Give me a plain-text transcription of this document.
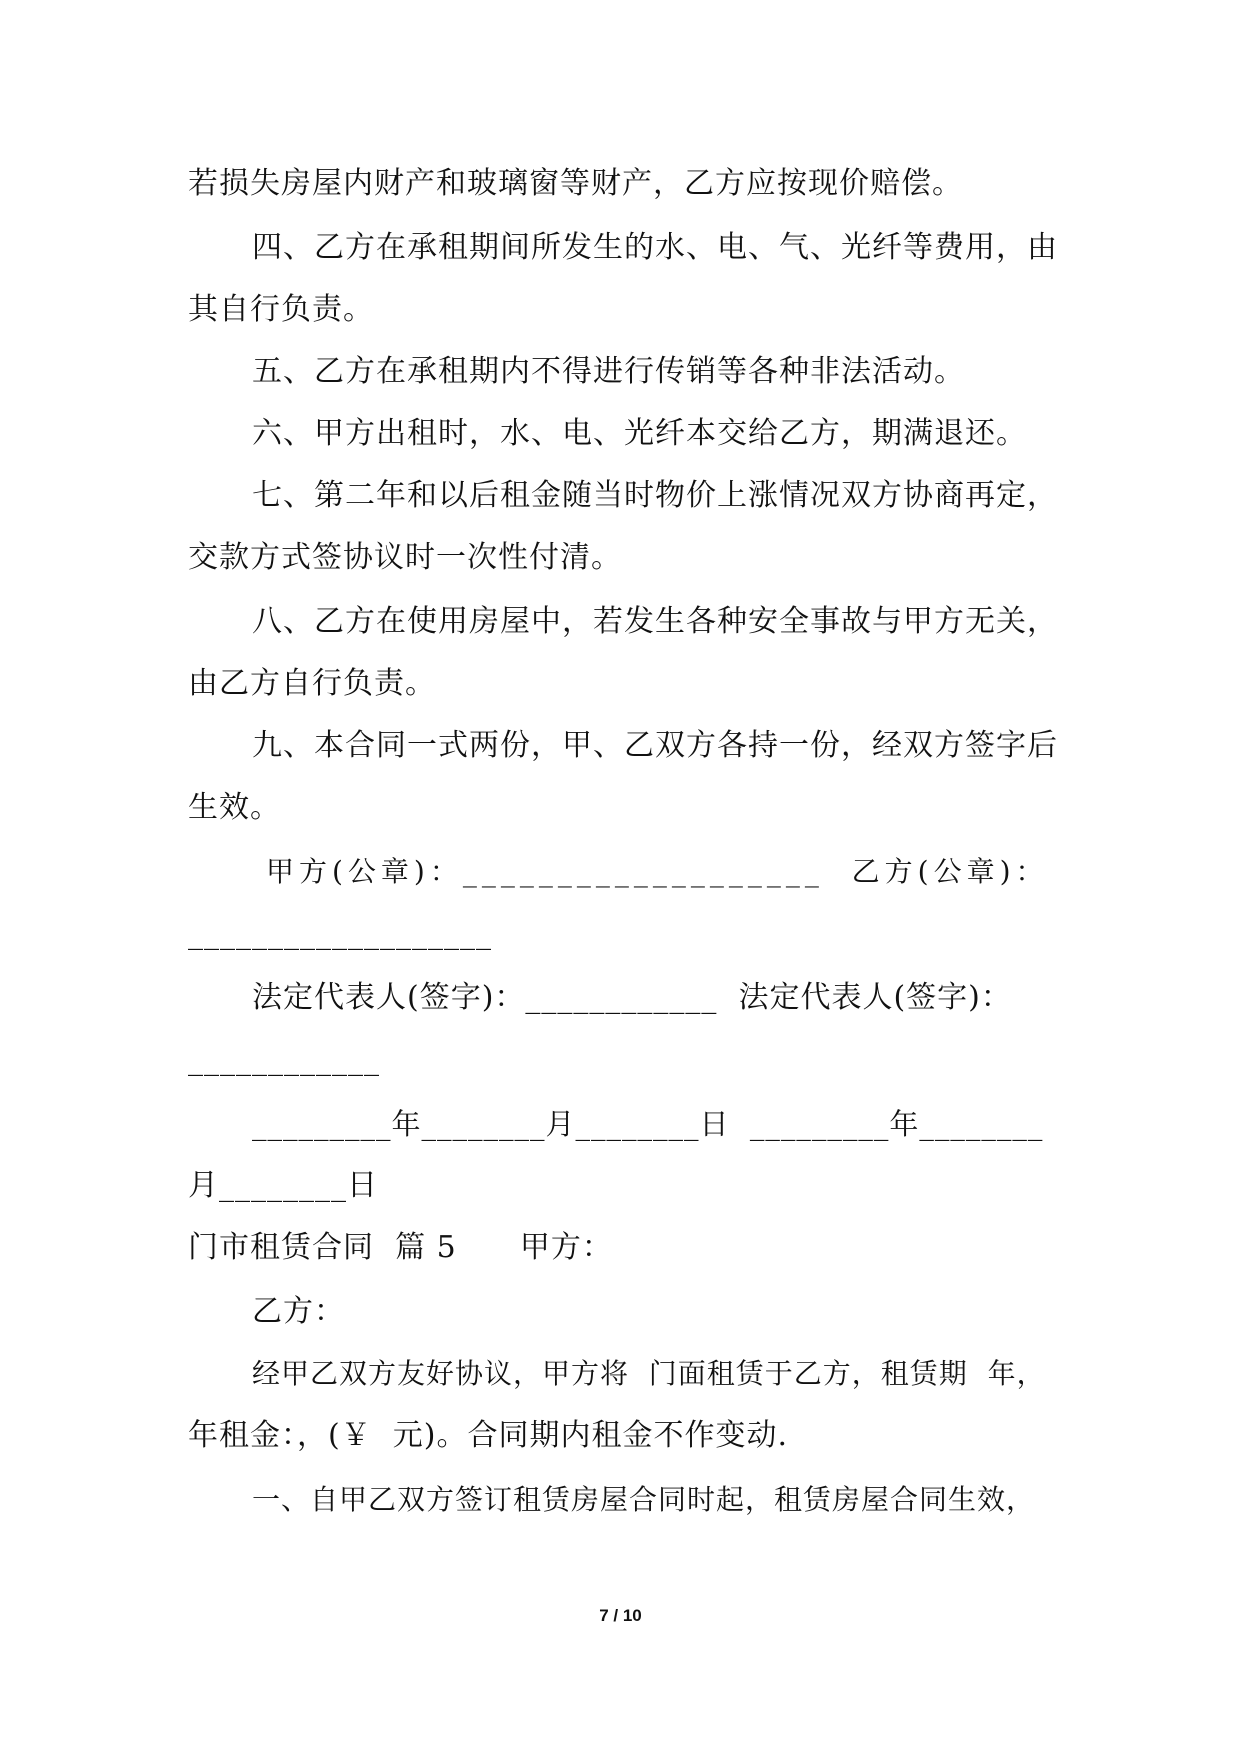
若损失房屋内财产和玻璃窗等财产，乙方应按现价赔偿。
四、乙方在承租期间所发生的水、电、气、光纤等费用，由
其自行负责。
五、乙方在承租期内不得进行传销等各种非法活动。
六、甲方出租时，水、电、光纤本交给乙方，期满退还。
七、第二年和以后租金随当时物价上涨情况双方协商再定，
交款方式签协议时一次性付清。
八、乙方在使用房屋中，若发生各种安全事故与甲方无关，
由乙方自行负责。
九、本合同一式两份，甲、乙双方各持一份，经双方签字后
生效。
甲方(公章)：___________________  乙方(公章)：
___________________
法定代表人(签字)：____________  法定代表人(签字)：
____________
_________年________月________日  _________年________
月________日
门市租赁合同  篇 5      甲方：
乙方：
经甲乙双方友好协议，甲方将  门面租赁于乙方，租赁期  年，
年租金：，(￥  元)。合同期内租金不作变动.
一、自甲乙双方签订租赁房屋合同时起，租赁房屋合同生效，
7 / 10
